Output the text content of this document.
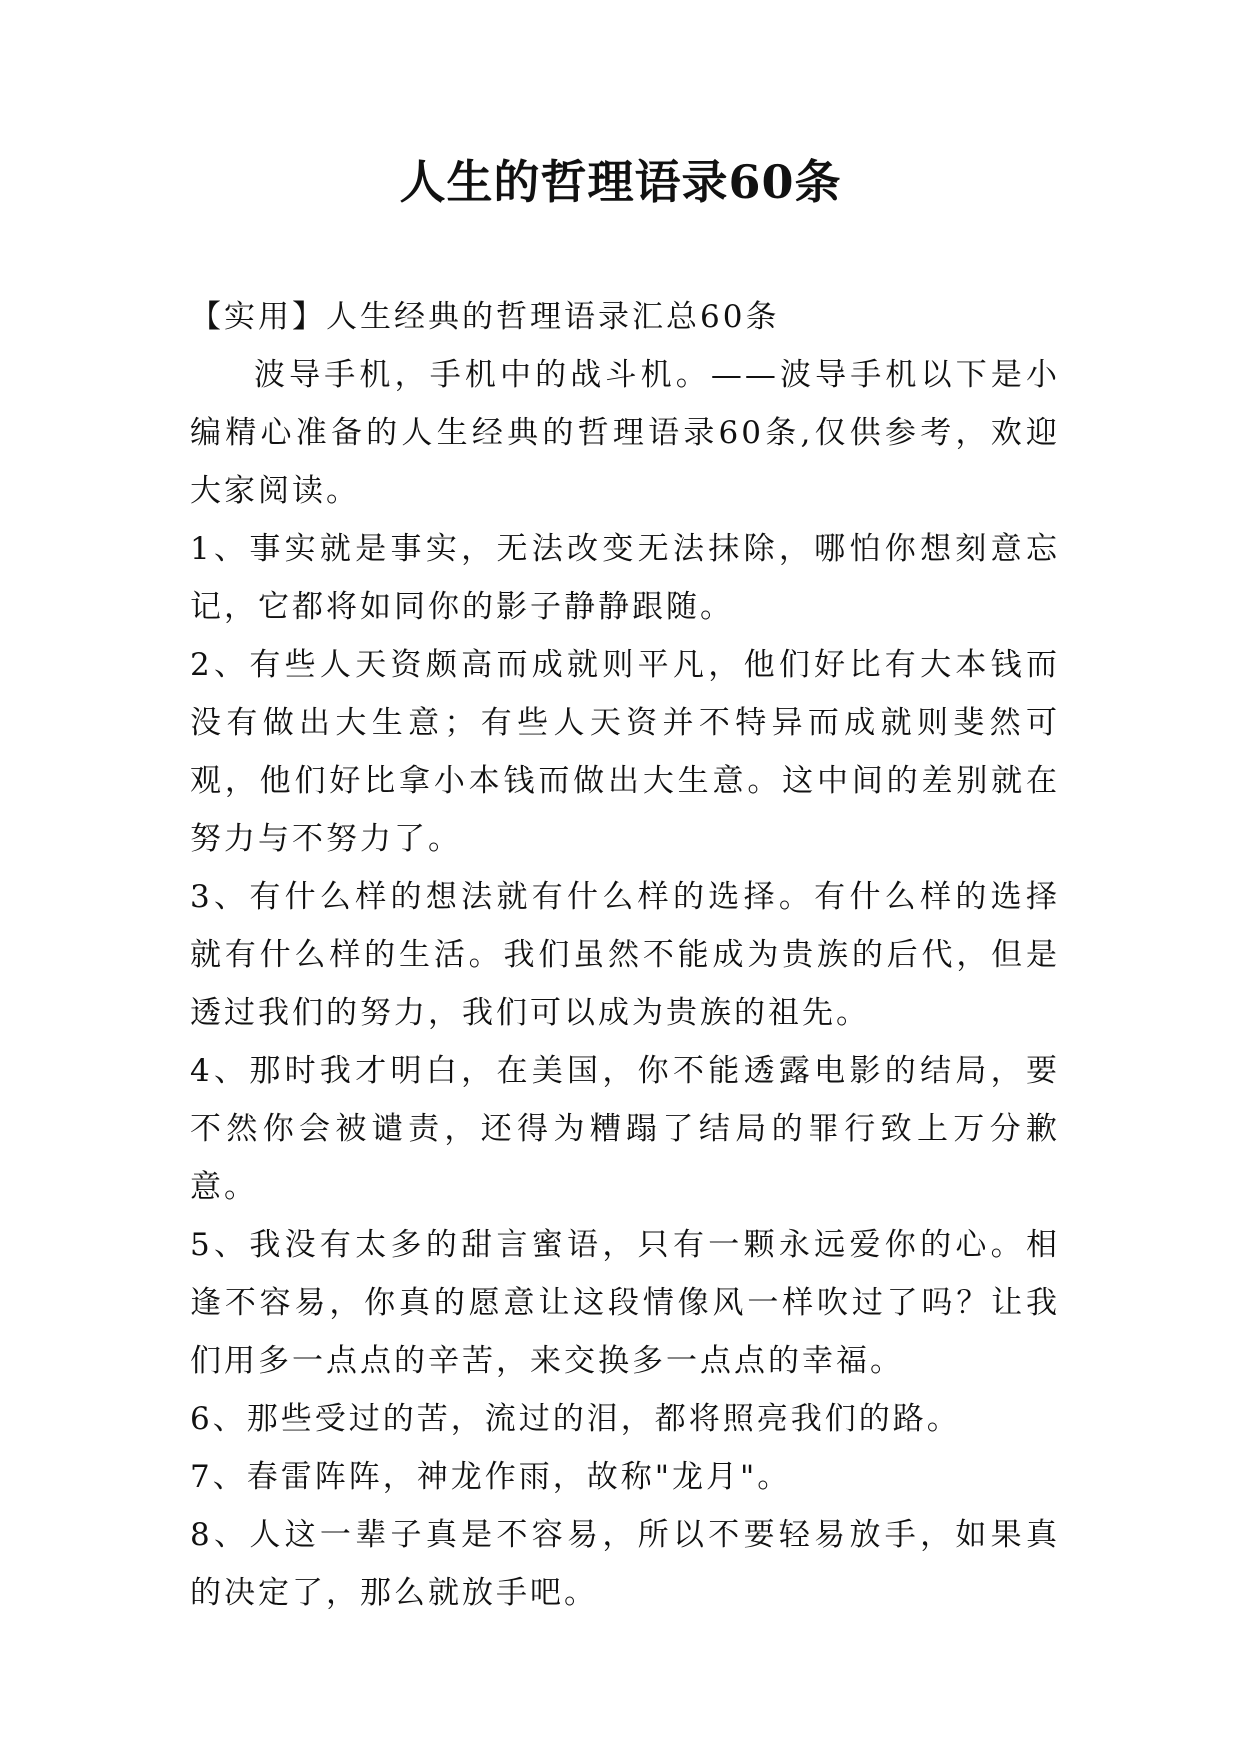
人生的哲理语录60条

【实用】人生经典的哲理语录汇总60条

波导手机，手机中的战斗机。——波导手机以下是小编精心准备的人生经典的哲理语录60条,仅供参考，欢迎大家阅读。

1、事实就是事实，无法改变无法抹除，哪怕你想刻意忘记，它都将如同你的影子静静跟随。

2、有些人天资颇高而成就则平凡，他们好比有大本钱而没有做出大生意；有些人天资并不特异而成就则斐然可观，他们好比拿小本钱而做出大生意。这中间的差别就在努力与不努力了。

3、有什么样的想法就有什么样的选择。有什么样的选择就有什么样的生活。我们虽然不能成为贵族的后代，但是透过我们的努力，我们可以成为贵族的祖先。

4、那时我才明白，在美国，你不能透露电影的结局，要不然你会被谴责，还得为糟蹋了结局的罪行致上万分歉意。

5、我没有太多的甜言蜜语，只有一颗永远爱你的心。相逢不容易，你真的愿意让这段情像风一样吹过了吗？让我们用多一点点的辛苦，来交换多一点点的幸福。

6、那些受过的苦，流过的泪，都将照亮我们的路。

7、春雷阵阵，神龙作雨，故称"龙月"。

8、人这一辈子真是不容易，所以不要轻易放手，如果真的决定了，那么就放手吧。
